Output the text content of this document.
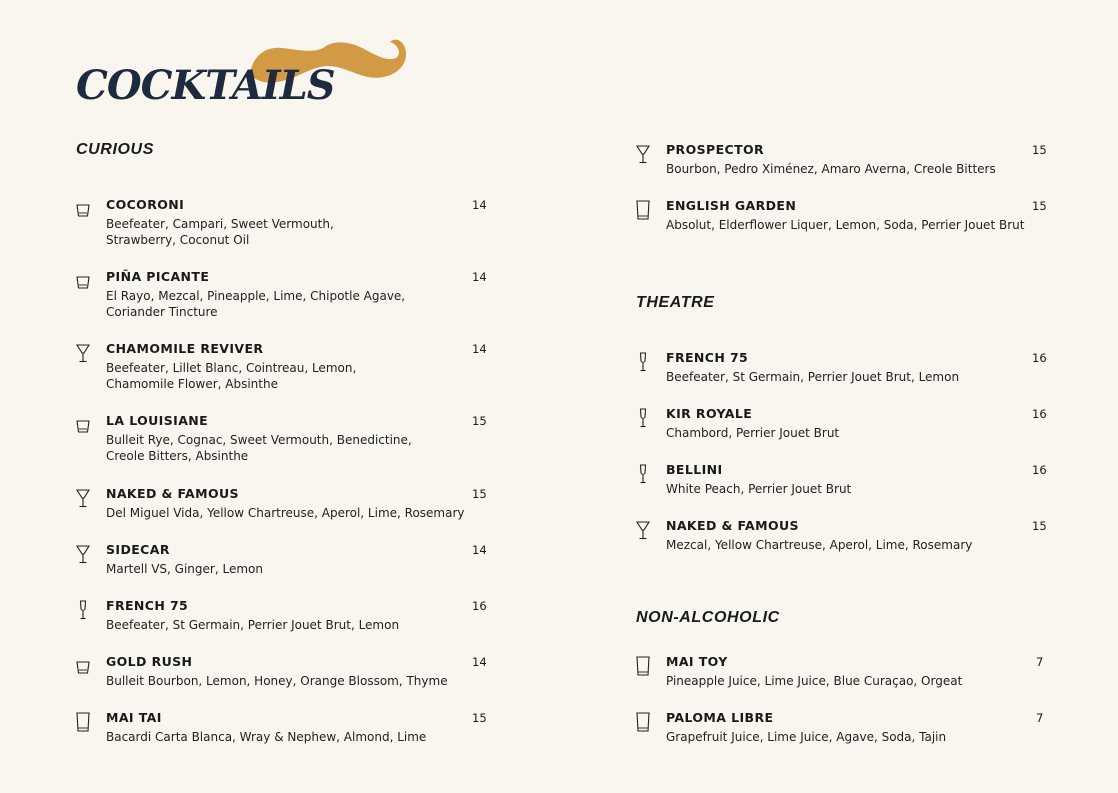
COCKTAILS
CURIOUS
COCORONI	14
Beefeater, Campari, Sweet Vermouth,
Strawberry, Coconut Oil
PIÑA PICANTE	14
El Rayo, Mezcal, Pineapple, Lime, Chipotle Agave,
Coriander Tincture
CHAMOMILE REVIVER	14
Beefeater, Lillet Blanc, Cointreau, Lemon,
Chamomile Flower, Absinthe
LA LOUISIANE	15
Bulleit Rye, Cognac, Sweet Vermouth, Benedictine,
Creole Bitters, Absinthe
NAKED & FAMOUS	15
Del Miguel Vida, Yellow Chartreuse, Aperol, Lime, Rosemary
SIDECAR	14
Martell VS, Ginger, Lemon
FRENCH 75	16
Beefeater, St Germain, Perrier Jouet Brut, Lemon
GOLD RUSH	14
Bulleit Bourbon, Lemon, Honey, Orange Blossom, Thyme
MAI TAI	15
Bacardi Carta Blanca, Wray & Nephew, Almond, Lime
PROSPECTOR	15
Bourbon, Pedro Ximénez, Amaro Averna, Creole Bitters
ENGLISH GARDEN	15
Absolut, Elderflower Liquer, Lemon, Soda, Perrier Jouet Brut
THEATRE
FRENCH 75	16
Beefeater, St Germain, Perrier Jouet Brut, Lemon
KIR ROYALE	16
Chambord, Perrier Jouet Brut
BELLINI	16
White Peach, Perrier Jouet Brut
NAKED & FAMOUS	15
Mezcal, Yellow Chartreuse, Aperol, Lime, Rosemary
NON-ALCOHOLIC
MAI TOY	7
Pineapple Juice, Lime Juice, Blue Curaçao, Orgeat
PALOMA LIBRE	7
Grapefruit Juice, Lime Juice, Agave, Soda, Tajin
